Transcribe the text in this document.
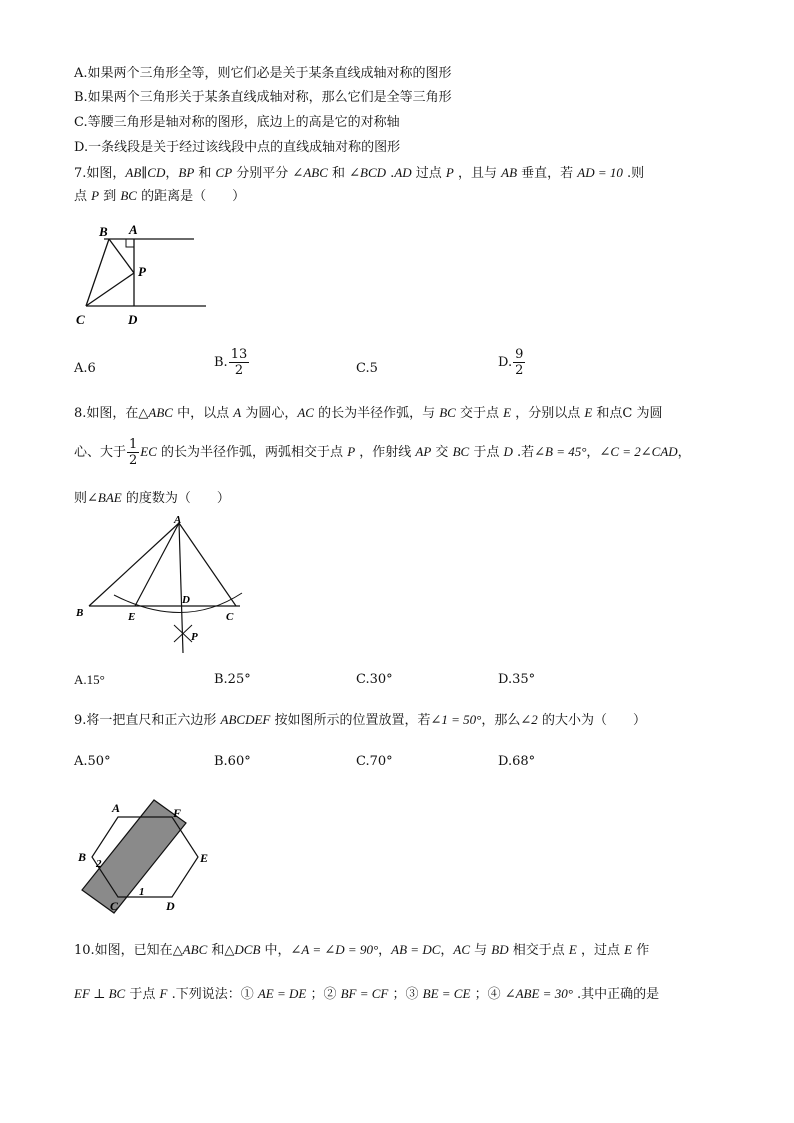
A.如果两个三角形全等，则它们必是关于某条直线成轴对称的图形
B.如果两个三角形关于某条直线成轴对称，那么它们是全等三角形
C.等腰三角形是轴对称的图形，底边上的高是它的对称轴
D.一条线段是关于经过该线段中点的直线成轴对称的图形
7.如图，AB∥CD，BP 和 CP 分别平分 ∠ABC 和 ∠BCD .AD 过点 P ，且与 AB 垂直，若 AD = 10 .则
点 P 到 BC 的距离是（　　）
B A
P
C	D
A.6	B. $\frac{13}{2}$	C.5	D. $\frac{9}{2}$
8.如图，在△ABC 中，以点 A 为圆心，AC 的长为半径作弧，与 BC 交于点 E ，分别以点 E 和点C 为圆
心、大于 $\frac{1}{2}$ EC 的长为半径作弧，两弧相交于点 P ，作射线 AP 交 BC 于点 D .若∠B = 45°，∠C = 2∠CAD，
则∠BAE 的度数为（　　）
A
B	E
D
C
P
A.15°	B.25°	C.30°	D.35°
9.将一把直尺和正六边形 ABCDEF 按如图所示的位置放置，若∠1 = 50°，那么∠2 的大小为（　　）
A.50°	B.60°	C.70°	D.68°
A	F
B	E
C	D
2
1
10.如图，已知在△ABC 和△DCB 中，∠A = ∠D = 90°，AB = DC，AC 与 BD 相交于点 E ，过点 E 作
EF ⊥ BC 于点 F .下列说法：① AE = DE ；② BF = CF ；③ BE = CE ；④ ∠ABE = 30° .其中正确的是
